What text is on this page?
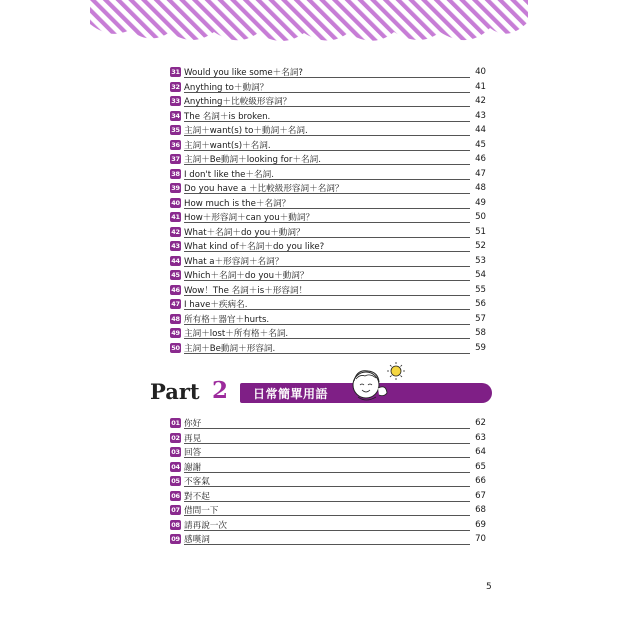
31 Would you like some＋名詞?	40
32 Anything to＋動詞？	41
33 Anything＋比較級形容詞？	42
34 The 名詞＋is broken.	43
35 主詞＋want(s) to＋動詞＋名詞.	44
36 主詞＋want(s)＋名詞.	45
37 主詞＋Be動詞＋looking for＋名詞.	46
38 I don't like the＋名詞.	47
39 Do you have a ＋比較級形容詞＋名詞？	48
40 How much is the＋名詞？	49
41 How＋形容詞＋can you＋動詞？	50
42 What＋名詞＋do you＋動詞？	51
43 What kind of＋名詞＋do you like?	52
44 What a＋形容詞＋名詞？	53
45 Which＋名詞＋do you＋動詞？	54
46 Wow！The 名詞＋is＋形容詞！	55
47 I have＋疾病名.	56
48 所有格＋器官＋hurts.	57
49 主詞＋lost＋所有格＋名詞.	58
50 主詞＋Be動詞＋形容詞.	59
Part 2 日常簡單用語
01 你好	62
02 再見	63
03 回答	64
04 謝謝	65
05 不客氣	66
06 對不起	67
07 借問一下	68
08 請再說一次	69
09 感嘆詞	70
5
